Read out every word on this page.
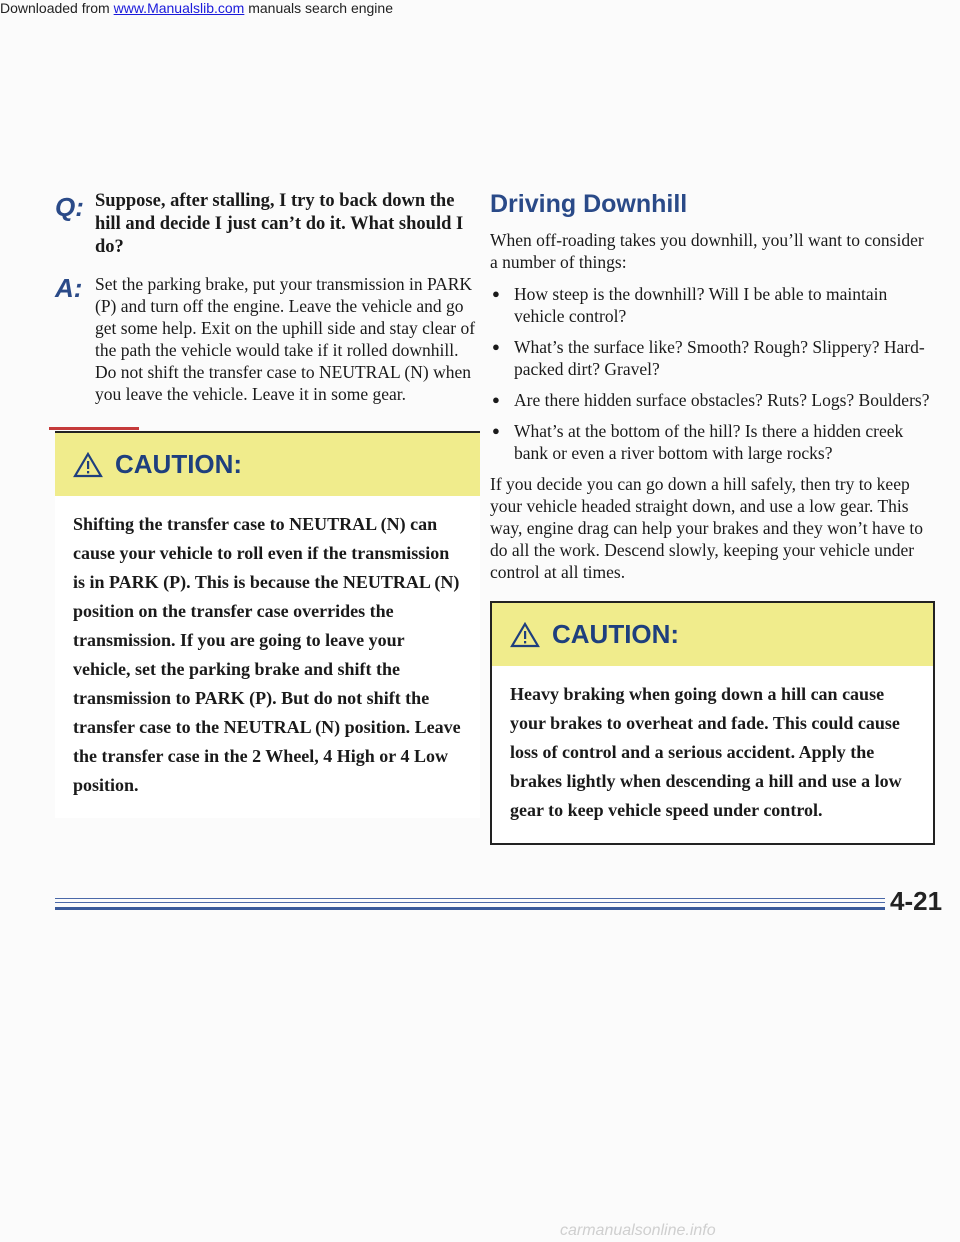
Downloaded from www.Manualslib.com manuals search engine
Q: Suppose, after stalling, I try to back down the hill and decide I just can’t do it. What should I do?
A: Set the parking brake, put your transmission in PARK (P) and turn off the engine. Leave the vehicle and go get some help. Exit on the uphill side and stay clear of the path the vehicle would take if it rolled downhill. Do not shift the transfer case to NEUTRAL (N) when you leave the vehicle. Leave it in some gear.
CAUTION:
Shifting the transfer case to NEUTRAL (N) can cause your vehicle to roll even if the transmission is in PARK (P). This is because the NEUTRAL (N) position on the transfer case overrides the transmission. If you are going to leave your vehicle, set the parking brake and shift the transmission to PARK (P). But do not shift the transfer case to the NEUTRAL (N) position. Leave the transfer case in the 2 Wheel, 4 High or 4 Low position.
Driving Downhill

When off-roading takes you downhill, you’ll want to consider a number of things:

● How steep is the downhill? Will I be able to maintain vehicle control?
● What’s the surface like? Smooth? Rough? Slippery? Hard-packed dirt? Gravel?
● Are there hidden surface obstacles? Ruts? Logs? Boulders?
● What’s at the bottom of the hill? Is there a hidden creek bank or even a river bottom with large rocks?

If you decide you can go down a hill safely, then try to keep your vehicle headed straight down, and use a low gear. This way, engine drag can help your brakes and they won’t have to do all the work. Descend slowly, keeping your vehicle under control at all times.

CAUTION:
Heavy braking when going down a hill can cause your brakes to overheat and fade. This could cause loss of control and a serious accident. Apply the brakes lightly when descending a hill and use a low gear to keep vehicle speed under control.
4-21
carmanualsonline.info
